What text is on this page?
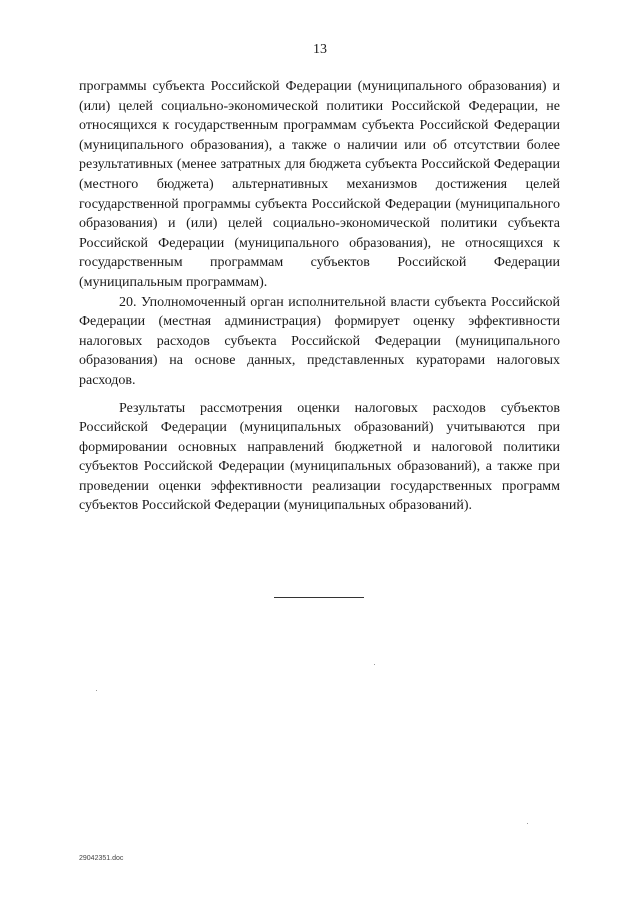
13

программы субъекта Российской Федерации (муниципального образования) и (или) целей социально-экономической политики Российской Федерации, не относящихся к государственным программам субъекта Российской Федерации (муниципального образования), а также о наличии или об отсутствии более результативных (менее затратных для бюджета субъекта Российской Федерации (местного бюджета) альтернативных механизмов достижения целей государственной программы субъекта Российской Федерации (муниципального образования) и (или) целей социально-экономической политики субъекта Российской Федерации (муниципального образования), не относящихся к государственным программам субъектов Российской Федерации (муниципальным программам).

20. Уполномоченный орган исполнительной власти субъекта Российской Федерации (местная администрация) формирует оценку эффективности налоговых расходов субъекта Российской Федерации (муниципального образования) на основе данных, представленных кураторами налоговых расходов.

Результаты рассмотрения оценки налоговых расходов субъектов Российской Федерации (муниципальных образований) учитываются при формировании основных направлений бюджетной и налоговой политики субъектов Российской Федерации (муниципальных образований), а также при проведении оценки эффективности реализации государственных программ субъектов Российской Федерации (муниципальных образований).

29042351.doc
